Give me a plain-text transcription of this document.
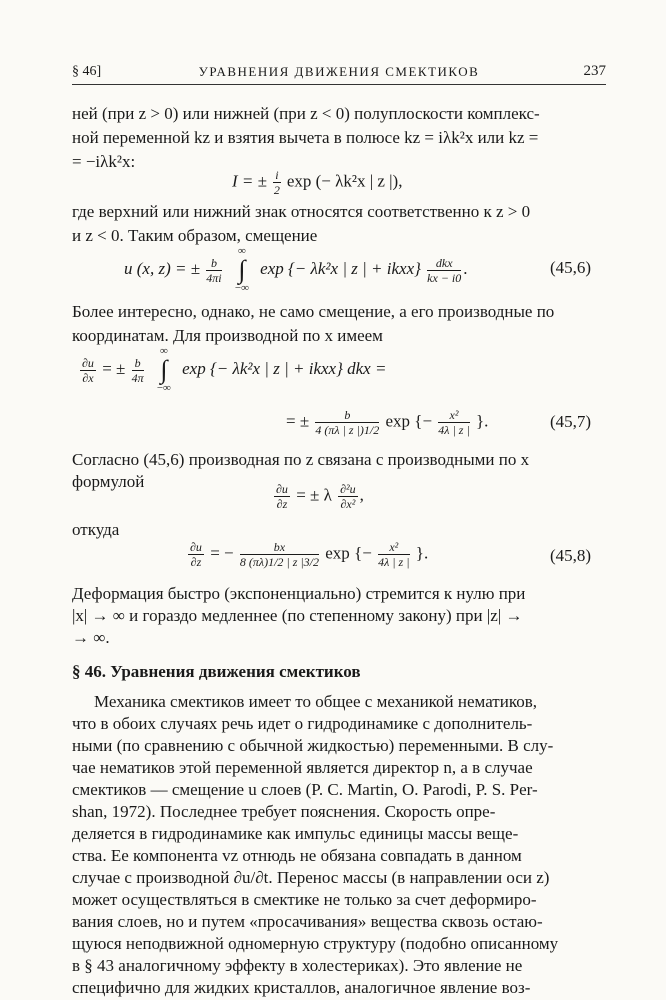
§ 46]	УРАВНЕНИЯ ДВИЖЕНИЯ СМЕКТИКОВ	237
ней (при z > 0) или нижней (при z < 0) полуплоскости комплекс-
ной переменной kz и взятия вычета в полюсе kz = iλk²x или kz =
= −iλk²x:
I = ± $\frac{i}{2}$ exp (− λk²x | z |),
где верхний или нижний знак относятся соответственно к z > 0
и z < 0. Таким образом, смещение
u (x, z) = ± $\frac{b}{4\pi i}$

∞
∫
−∞
exp {− λk²x | z | + ikxx} $\frac{\text{dkx}}{kx - i0}$ .	(45,6)
Более интересно, однако, не само смещение, а его производные по
координатам. Для производной по x имеем
$\frac{\partial u}{\partial x}$ = ± $\frac{b}{4\pi}$

∞
∫
−∞
exp {− λk²x | z | + ikxx} dkx =
= ± $\frac{b}{4 (\pi\lambda | z |)1/2}$ exp {− $\frac{\text{x²}}{4\lambda | z |}$ }.	(45,7)
Согласно (45,6) производная по z связана с производными по x
формулой
$\frac{\partial u}{\partial z}$ = ± λ $\frac{\text{∂²u}}{\text{∂x²}}$ ,
откуда
$\frac{\partial u}{\partial z}$ = − $\frac{bx}{8 (\pi\lambda)1/2 | z |3/2}$ exp {− $\frac{\text{x²}}{4\lambda | z |}$ }.	(45,8)
Деформация быстро (экспоненциально) стремится к нулю при
|x| → ∞ и гораздо медленнее (по степенному закону) при |z| →
→ ∞.
§ 46. Уравнения движения смектиков
Механика смектиков имеет то общее с механикой нематиков,
что в обоих случаях речь идет о гидродинамике с дополнитель-
ными (по сравнению с обычной жидкостью) переменными. В слу-
чае нематиков этой переменной является директор n, а в случае
смектиков — смещение u слоев (P. C. Martin, O. Parodi, P. S. Per-
shan, 1972). Последнее требует пояснения. Скорость опре-
деляется в гидродинамике как импульс единицы массы веще-
ства. Ее компонента vz отнюдь не обязана совпадать в данном
случае с производной ∂u/∂t. Перенос массы (в направлении оси z)
может осуществляться в смектике не только за счет деформиро-
вания слоев, но и путем «просачивания» вещества сквозь остаю-
щуюся неподвижной одномерную структуру (подобно описанному
в § 43 аналогичному эффекту в холестериках). Это явление не
специфично для жидких кристаллов, аналогичное явление воз-
